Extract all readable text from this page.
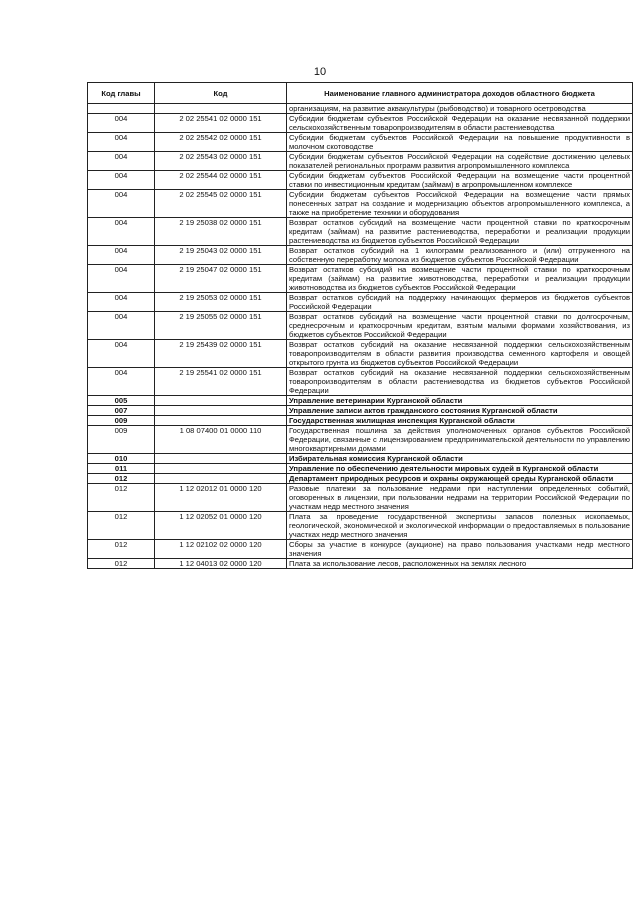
10
Код главы	Код	Наименование главного администратора доходов областного бюджета
		организациям, на развитие аквакультуры (рыбоводство) и товарного осетроводства
004	2 02 25541 02 0000 151	Субсидии бюджетам субъектов Российской Федерации на оказание несвязанной поддержки сельскохозяйственным товаропроизводителям в области растениеводства
004	2 02 25542 02 0000 151	Субсидии бюджетам субъектов Российской Федерации на повышение продуктивности в молочном скотоводстве
004	2 02 25543 02 0000 151	Субсидии бюджетам субъектов Российской Федерации на содействие достижению целевых показателей региональных программ развития агропромышленного комплекса
004	2 02 25544 02 0000 151	Субсидии бюджетам субъектов Российской Федерации на возмещение части процентной ставки по инвестиционным кредитам (займам) в агропромышленном комплексе
004	2 02 25545 02 0000 151	Субсидии бюджетам субъектов Российской Федерации на возмещение части прямых понесенных затрат на создание и модернизацию объектов агропромышленного комплекса, а также на приобретение техники и оборудования
004	2 19 25038 02 0000 151	Возврат остатков субсидий на возмещение части процентной ставки по краткосрочным кредитам (займам) на развитие растениеводства, переработки и реализации продукции растениеводства из бюджетов субъектов Российской Федерации
004	2 19 25043 02 0000 151	Возврат остатков субсидий на 1 килограмм реализованного и (или) отгруженного на собственную переработку молока из бюджетов субъектов Российской Федерации
004	2 19 25047 02 0000 151	Возврат остатков субсидий на возмещение части процентной ставки по краткосрочным кредитам (займам) на развитие животноводства, переработки и реализации продукции животноводства из бюджетов субъектов Российской Федерации
004	2 19 25053 02 0000 151	Возврат остатков субсидий на поддержку начинающих фермеров из бюджетов субъектов Российской Федерации
004	2 19 25055 02 0000 151	Возврат остатков субсидий на возмещение части процентной ставки по долгосрочным, среднесрочным и краткосрочным кредитам, взятым малыми формами хозяйствования, из бюджетов субъектов Российской Федерации
004	2 19 25439 02 0000 151	Возврат остатков субсидий на оказание несвязанной поддержки сельскохозяйственным товаропроизводителям в области развития производства семенного картофеля и овощей открытого грунта из бюджетов субъектов Российской Федерации
004	2 19 25541 02 0000 151	Возврат остатков субсидий на оказание несвязанной поддержки сельскохозяйственным товаропроизводителям в области растениеводства из бюджетов субъектов Российской Федерации
005		Управление ветеринарии Курганской области
007		Управление записи актов гражданского состояния Курганской области
009		Государственная жилищная инспекция Курганской области
009	1 08 07400 01 0000 110	Государственная пошлина за действия уполномоченных органов субъектов Российской Федерации, связанные с лицензированием предпринимательской деятельности по управлению многоквартирными домами
010		Избирательная комиссия Курганской области
011		Управление по обеспечению деятельности мировых судей в Курганской области
012		Департамент природных ресурсов и охраны окружающей среды Курганской области
012	1 12 02012 01 0000 120	Разовые платежи за пользование недрами при наступлении определенных событий, оговоренных в лицензии, при пользовании недрами на территории Российской Федерации по участкам недр местного значения
012	1 12 02052 01 0000 120	Плата за проведение государственной экспертизы запасов полезных ископаемых, геологической, экономической и экологической информации о предоставляемых в пользование участках недр местного значения
012	1 12 02102 02 0000 120	Сборы за участие в конкурсе (аукционе) на право пользования участками недр местного значения
012	1 12 04013 02 0000 120	Плата за использование лесов, расположенных на землях лесного
